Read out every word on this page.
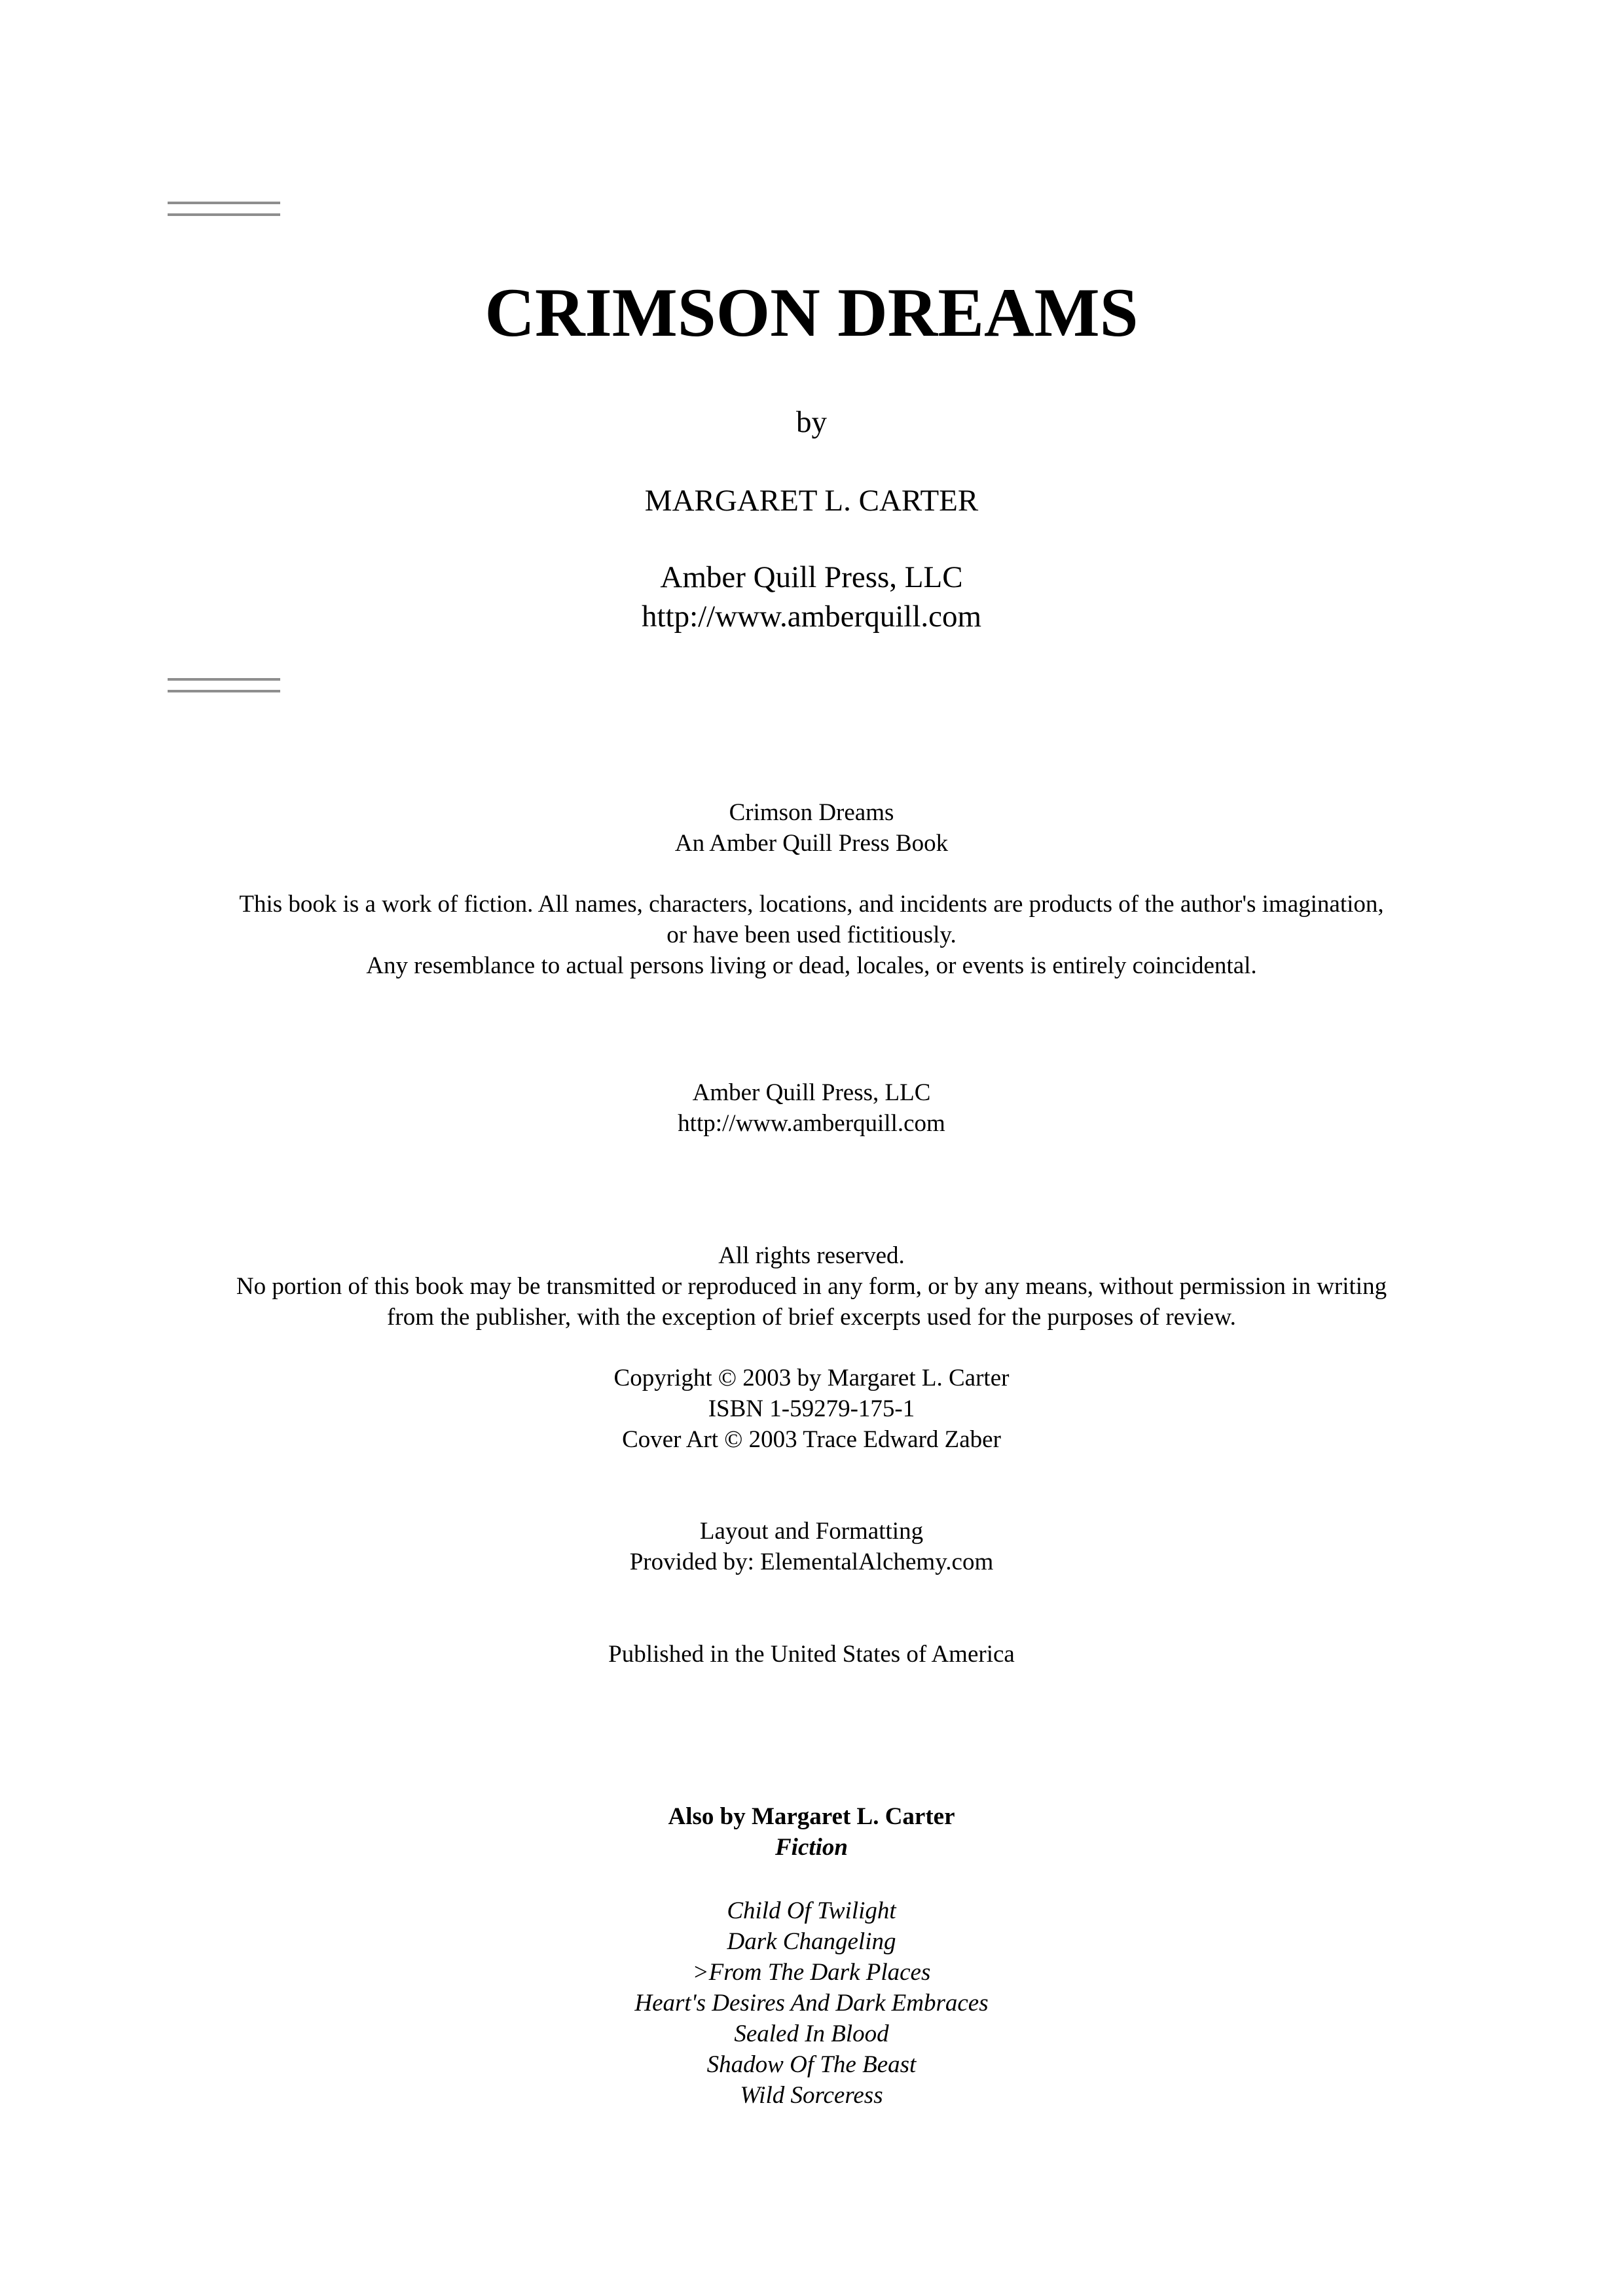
CRIMSON DREAMS
by
MARGARET L. CARTER
Amber Quill Press, LLC
http://www.amberquill.com
Crimson Dreams
An Amber Quill Press Book
This book is a work of fiction. All names, characters, locations, and incidents are products of the author's imagination,
or have been used fictitiously.
Any resemblance to actual persons living or dead, locales, or events is entirely coincidental.
Amber Quill Press, LLC
http://www.amberquill.com
All rights reserved.
No portion of this book may be transmitted or reproduced in any form, or by any means, without permission in writing
from the publisher, with the exception of brief excerpts used for the purposes of review.
Copyright © 2003 by Margaret L. Carter
ISBN 1-59279-175-1
Cover Art © 2003 Trace Edward Zaber
Layout and Formatting
Provided by: ElementalAlchemy.com
Published in the United States of America
Also by Margaret L. Carter
Fiction
Child Of Twilight
Dark Changeling
>From The Dark Places
Heart's Desires And Dark Embraces
Sealed In Blood
Shadow Of The Beast
Wild Sorceress
